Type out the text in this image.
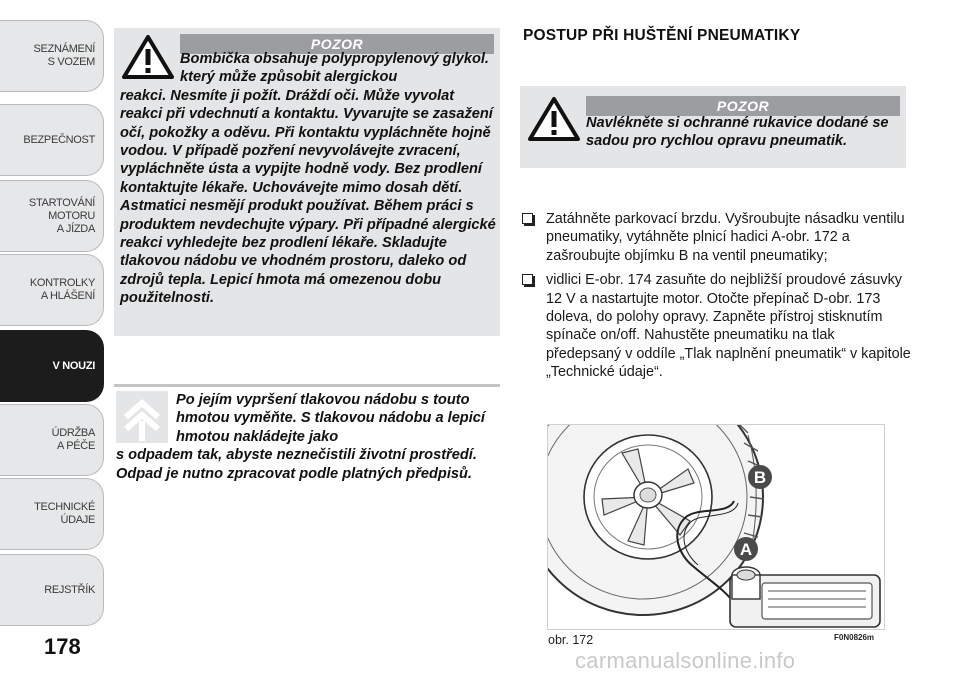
SEZNÁMENÍ
S VOZEM
BEZPEČNOST
STARTOVÁNÍ
MOTORU
A JÍZDA
KONTROLKY
A HLÁŠENÍ
V NOUZI
ÚDRŽBA
A PÉČE
TECHNICKÉ
ÚDAJE
REJSTŘÍK
178
POZOR
Bombička obsahuje polypropylenový glykol. který může způsobit alergickou
reakci. Nesmíte ji požít. Dráždí oči. Může vyvolat reakci při vdechnutí a kontaktu. Vyvarujte se zasažení očí, pokožky a oděvu. Při kontaktu vypláchněte hojně vodou. V případě pozření nevyvolávejte zvracení, vypláchněte ústa a vypijte hodně vody. Bez prodlení kontaktujte lékaře. Uchovávejte mimo dosah dětí. Astmatici nesmějí produkt používat. Během práci s produktem nevdechujte výpary. Při případné alergické reakci vyhledejte bez prodlení lékaře. Skladujte tlakovou nádobu ve vhodném prostoru, daleko od zdrojů tepla. Lepicí hmota má omezenou dobu použitelnosti.
Po jejím vypršení tlakovou nádobu s touto hmotou vyměňte. S tlakovou nádobu a lepicí hmotou nakládejte jako
s odpadem tak, abyste neznečistili životní prostředí. Odpad je nutno zpracovat podle platných předpisů.
POSTUP PŘI HUŠTĚNÍ PNEUMATIKY
POZOR
Navlékněte si ochranné rukavice dodané se sadou pro rychlou opravu pneumatik.
Zatáhněte parkovací brzdu. Vyšroubujte násadku ventilu pneumatiky, vytáhněte plnicí hadici A-obr. 172 a zašroubujte objímku B na ventil pneumatiky;
vidlici E-obr. 174 zasuňte do nejbližší proudové zásuvky 12 V a nastartujte motor. Otočte přepínač D-obr. 173 doleva, do polohy opravy. Zapněte přístroj stisknutím spínače on/off. Nahustěte pneumatiku na tlak předepsaný v oddíle „Tlak naplnění pneumatik“ v kapitole „Technické údaje“.
B
A
obr. 172	F0N0826m
carmanualsonline.info
